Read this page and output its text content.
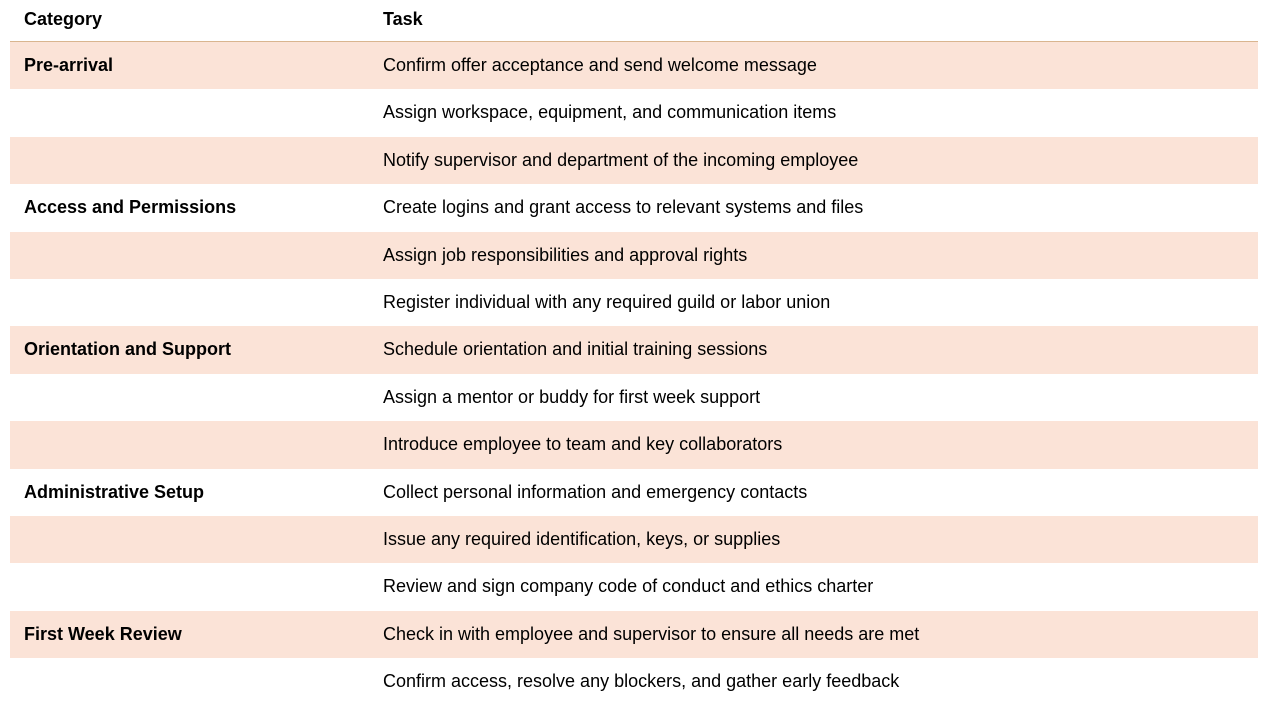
Category	Task
Pre-arrival	Confirm offer acceptance and send welcome message
Assign workspace, equipment, and communication items
Notify supervisor and department of the incoming employee
Access and Permissions	Create logins and grant access to relevant systems and files
Assign job responsibilities and approval rights
Register individual with any required guild or labor union
Orientation and Support	Schedule orientation and initial training sessions
Assign a mentor or buddy for first week support
Introduce employee to team and key collaborators
Administrative Setup	Collect personal information and emergency contacts
Issue any required identification, keys, or supplies
Review and sign company code of conduct and ethics charter
First Week Review	Check in with employee and supervisor to ensure all needs are met
Confirm access, resolve any blockers, and gather early feedback
